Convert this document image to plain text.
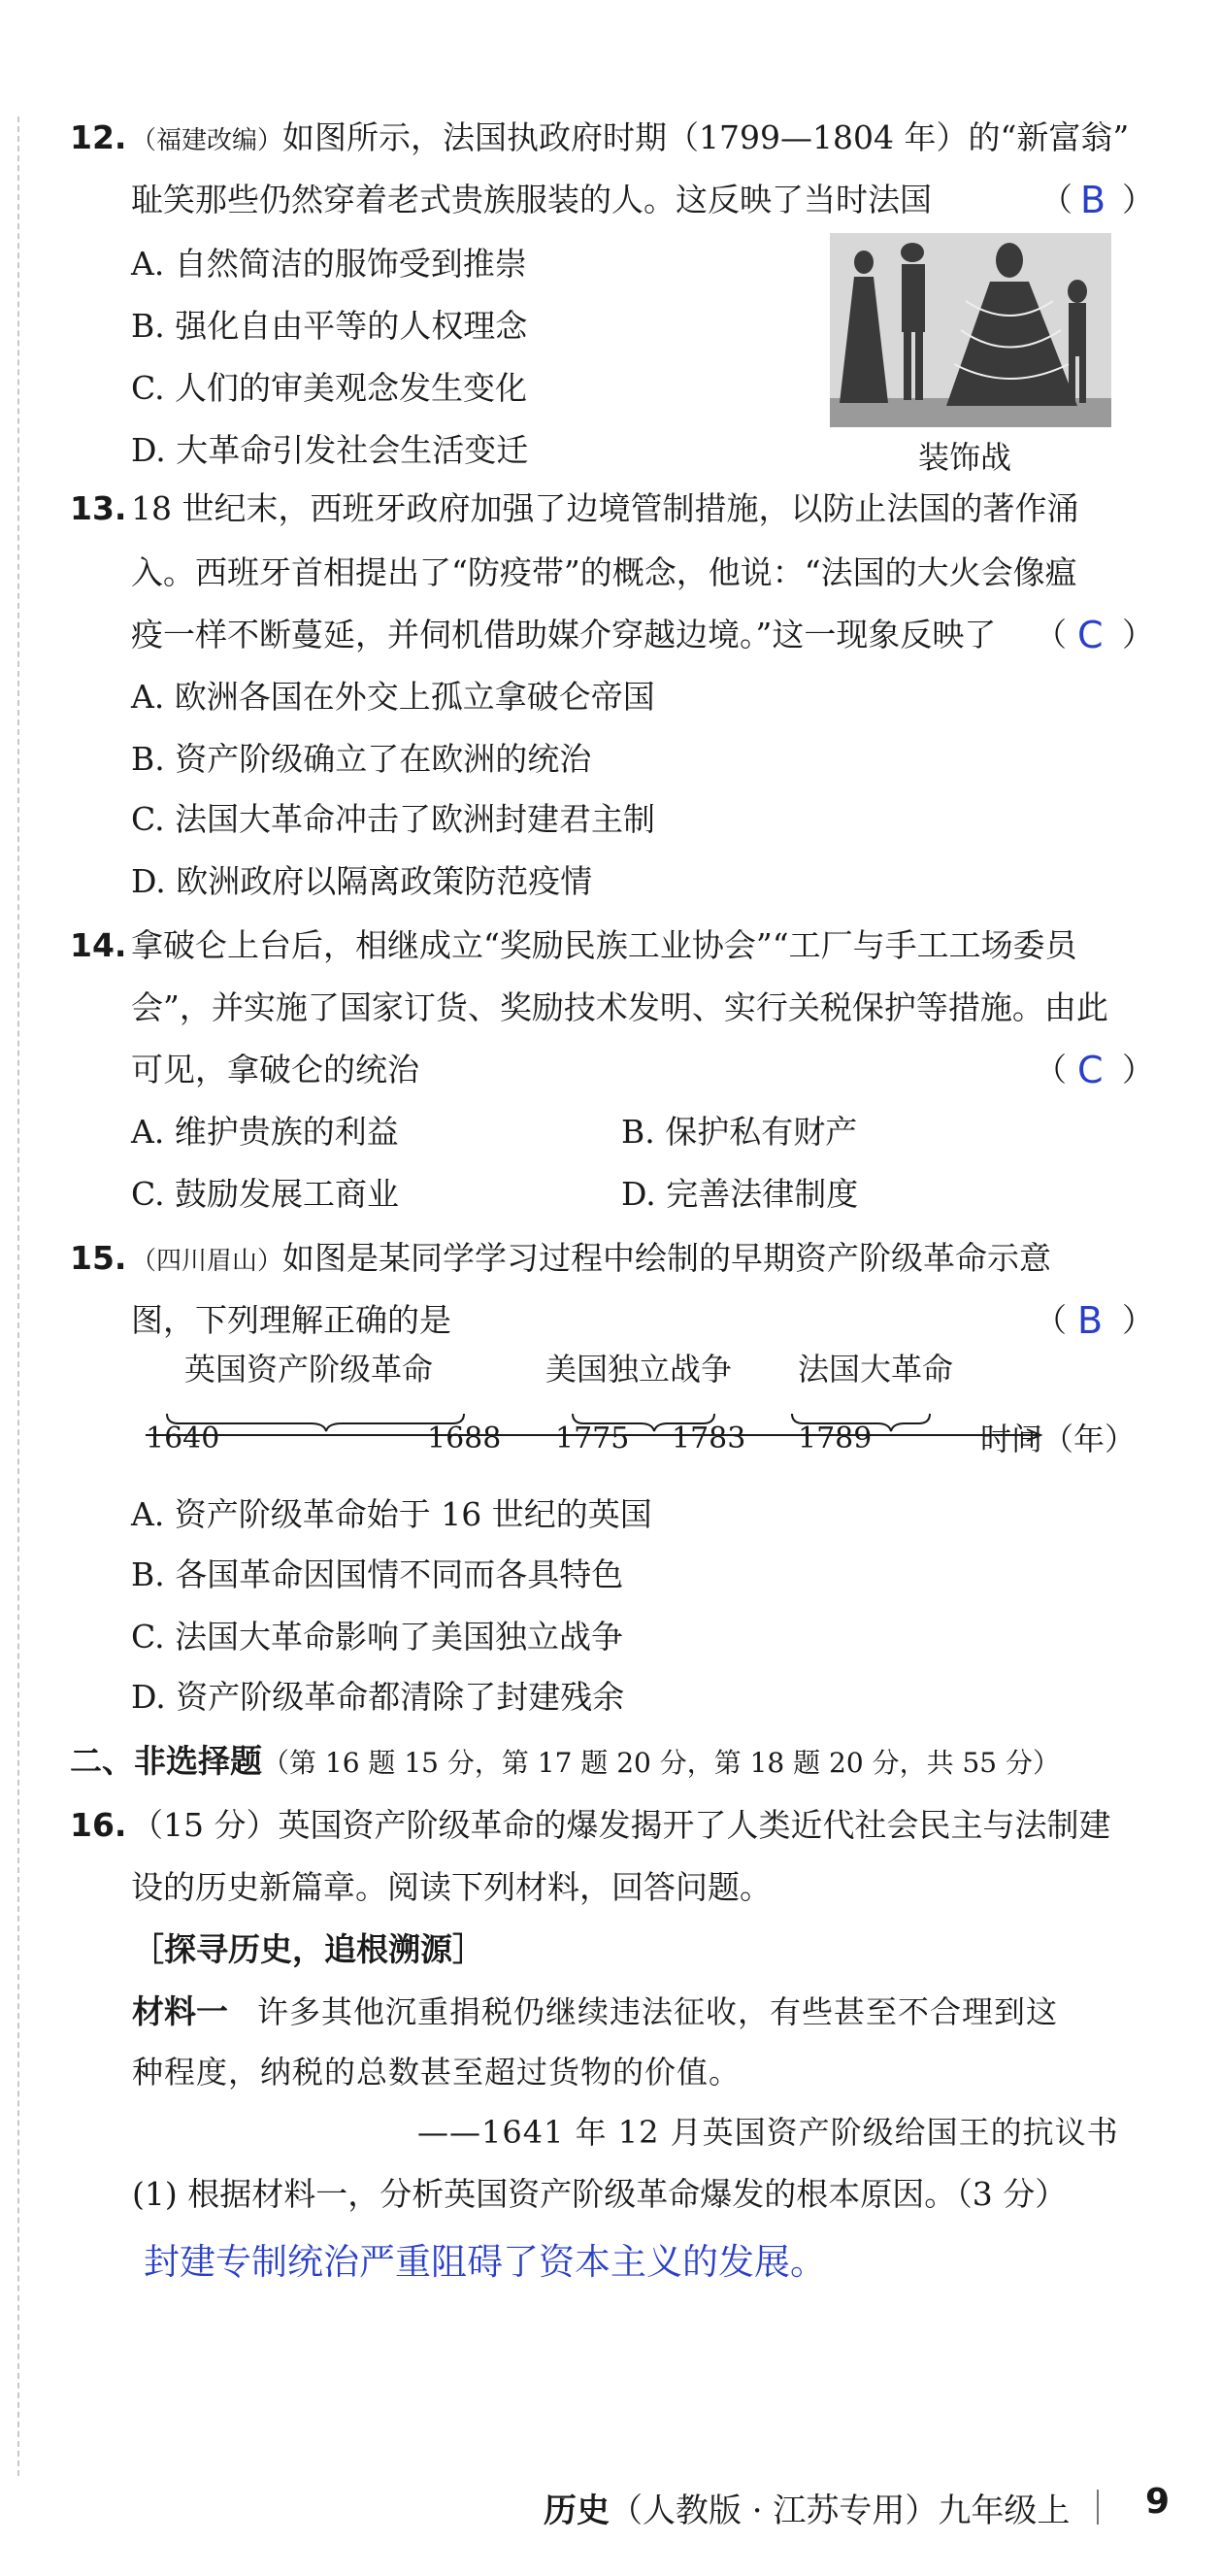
12. （福建改编）如图所示，法国执政府时期（1799—1804 年）的“新富翁”
耻笑那些仍然穿着老式贵族服装的人。这反映了当时法国	（ B ）
A. 自然简洁的服饰受到推崇
B. 强化自由平等的人权理念
C. 人们的审美观念发生变化
D. 大革命引发社会生活变迁	装饰战
13. 18 世纪末，西班牙政府加强了边境管制措施，以防止法国的著作涌
入。西班牙首相提出了“防疫带”的概念，他说：“法国的大火会像瘟
疫一样不断蔓延，并伺机借助媒介穿越边境。”这一现象反映了 （ C ）
A. 欧洲各国在外交上孤立拿破仑帝国
B. 资产阶级确立了在欧洲的统治
C. 法国大革命冲击了欧洲封建君主制
D. 欧洲政府以隔离政策防范疫情
14. 拿破仑上台后，相继成立“奖励民族工业协会”“工厂与手工工场委员
会”，并实施了国家订货、奖励技术发明、实行关税保护等措施。由此
可见，拿破仑的统治	（ C ）
A. 维护贵族的利益	B. 保护私有财产
C. 鼓励发展工商业	D. 完善法律制度
15. （四川眉山）如图是某同学学习过程中绘制的早期资产阶级革命示意
图，下列理解正确的是	（ B ）
英国资产阶级革命	美国独立战争 法国大革命
1640	1688 1775 1783 1789	时间（年）
A. 资产阶级革命始于 16 世纪的英国
B. 各国革命因国情不同而各具特色
C. 法国大革命影响了美国独立战争
D. 资产阶级革命都清除了封建残余
二、非选择题（第 16 题 15 分，第 17 题 20 分，第 18 题 20 分，共 55 分）
16. （15 分）英国资产阶级革命的爆发揭开了人类近代社会民主与法制建
设的历史新篇章。阅读下列材料，回答问题。
［探寻历史，追根溯源］
材料一 许多其他沉重捐税仍继续违法征收，有些甚至不合理到这
种程度，纳税的总数甚至超过货物的价值。
——1641 年 12 月英国资产阶级给国王的抗议书
(1) 根据材料一，分析英国资产阶级革命爆发的根本原因。（3 分）
封建专制统治严重阻碍了资本主义的发展。
历史（人教版 · 江苏专用）九年级上 9
